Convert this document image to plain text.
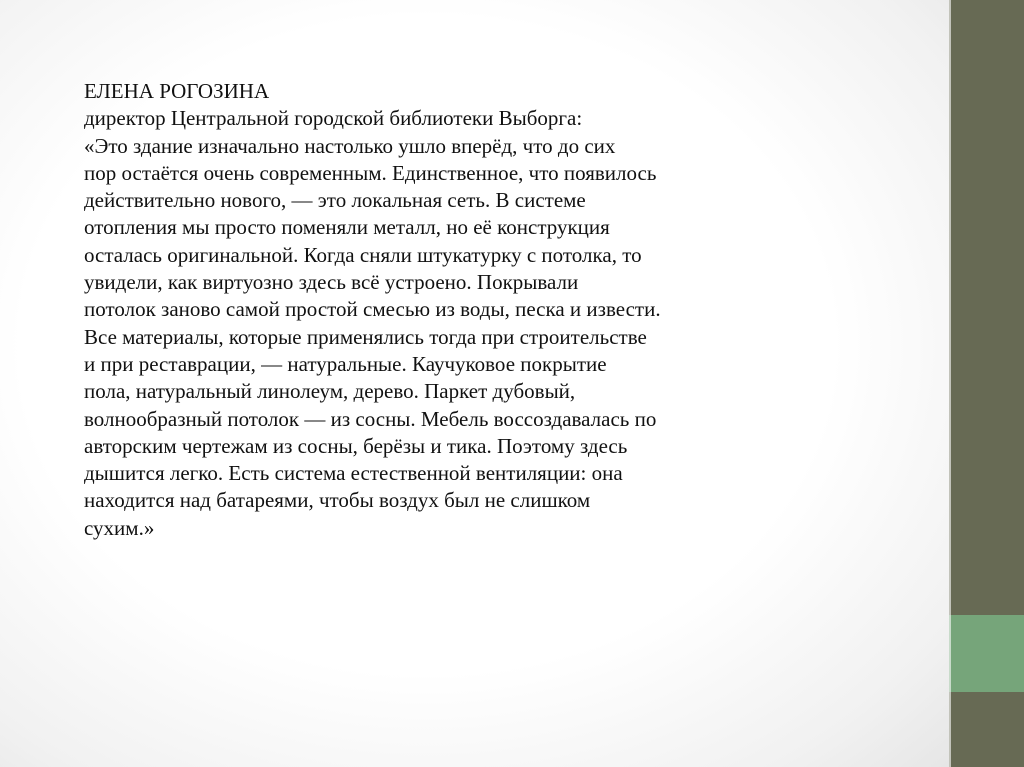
ЕЛЕНА РОГОЗИНА

директор Центральной городской библиотеки Выборга:

«Это здание изначально настолько ушло вперёд, что до сих
пор остаётся очень современным. Единственное, что появилось
действительно нового, — это локальная сеть. В системе
отопления мы просто поменяли металл, но её конструкция
осталась оригинальной. Когда сняли штукатурку с потолка, то
увидели, как виртуозно здесь всё устроено. Покрывали
потолок заново самой простой смесью из воды, песка и извести.
Все материалы, которые применялись тогда при строительстве
и при реставрации, — натуральные. Каучуковое покрытие
пола, натуральный линолеум, дерево. Паркет дубовый,
волнообразный потолок — из сосны. Мебель воссоздавалась по
авторским чертежам из сосны, берёзы и тика. Поэтому здесь
дышится легко. Есть система естественной вентиляции: она
находится над батареями, чтобы воздух был не слишком
сухим.»
